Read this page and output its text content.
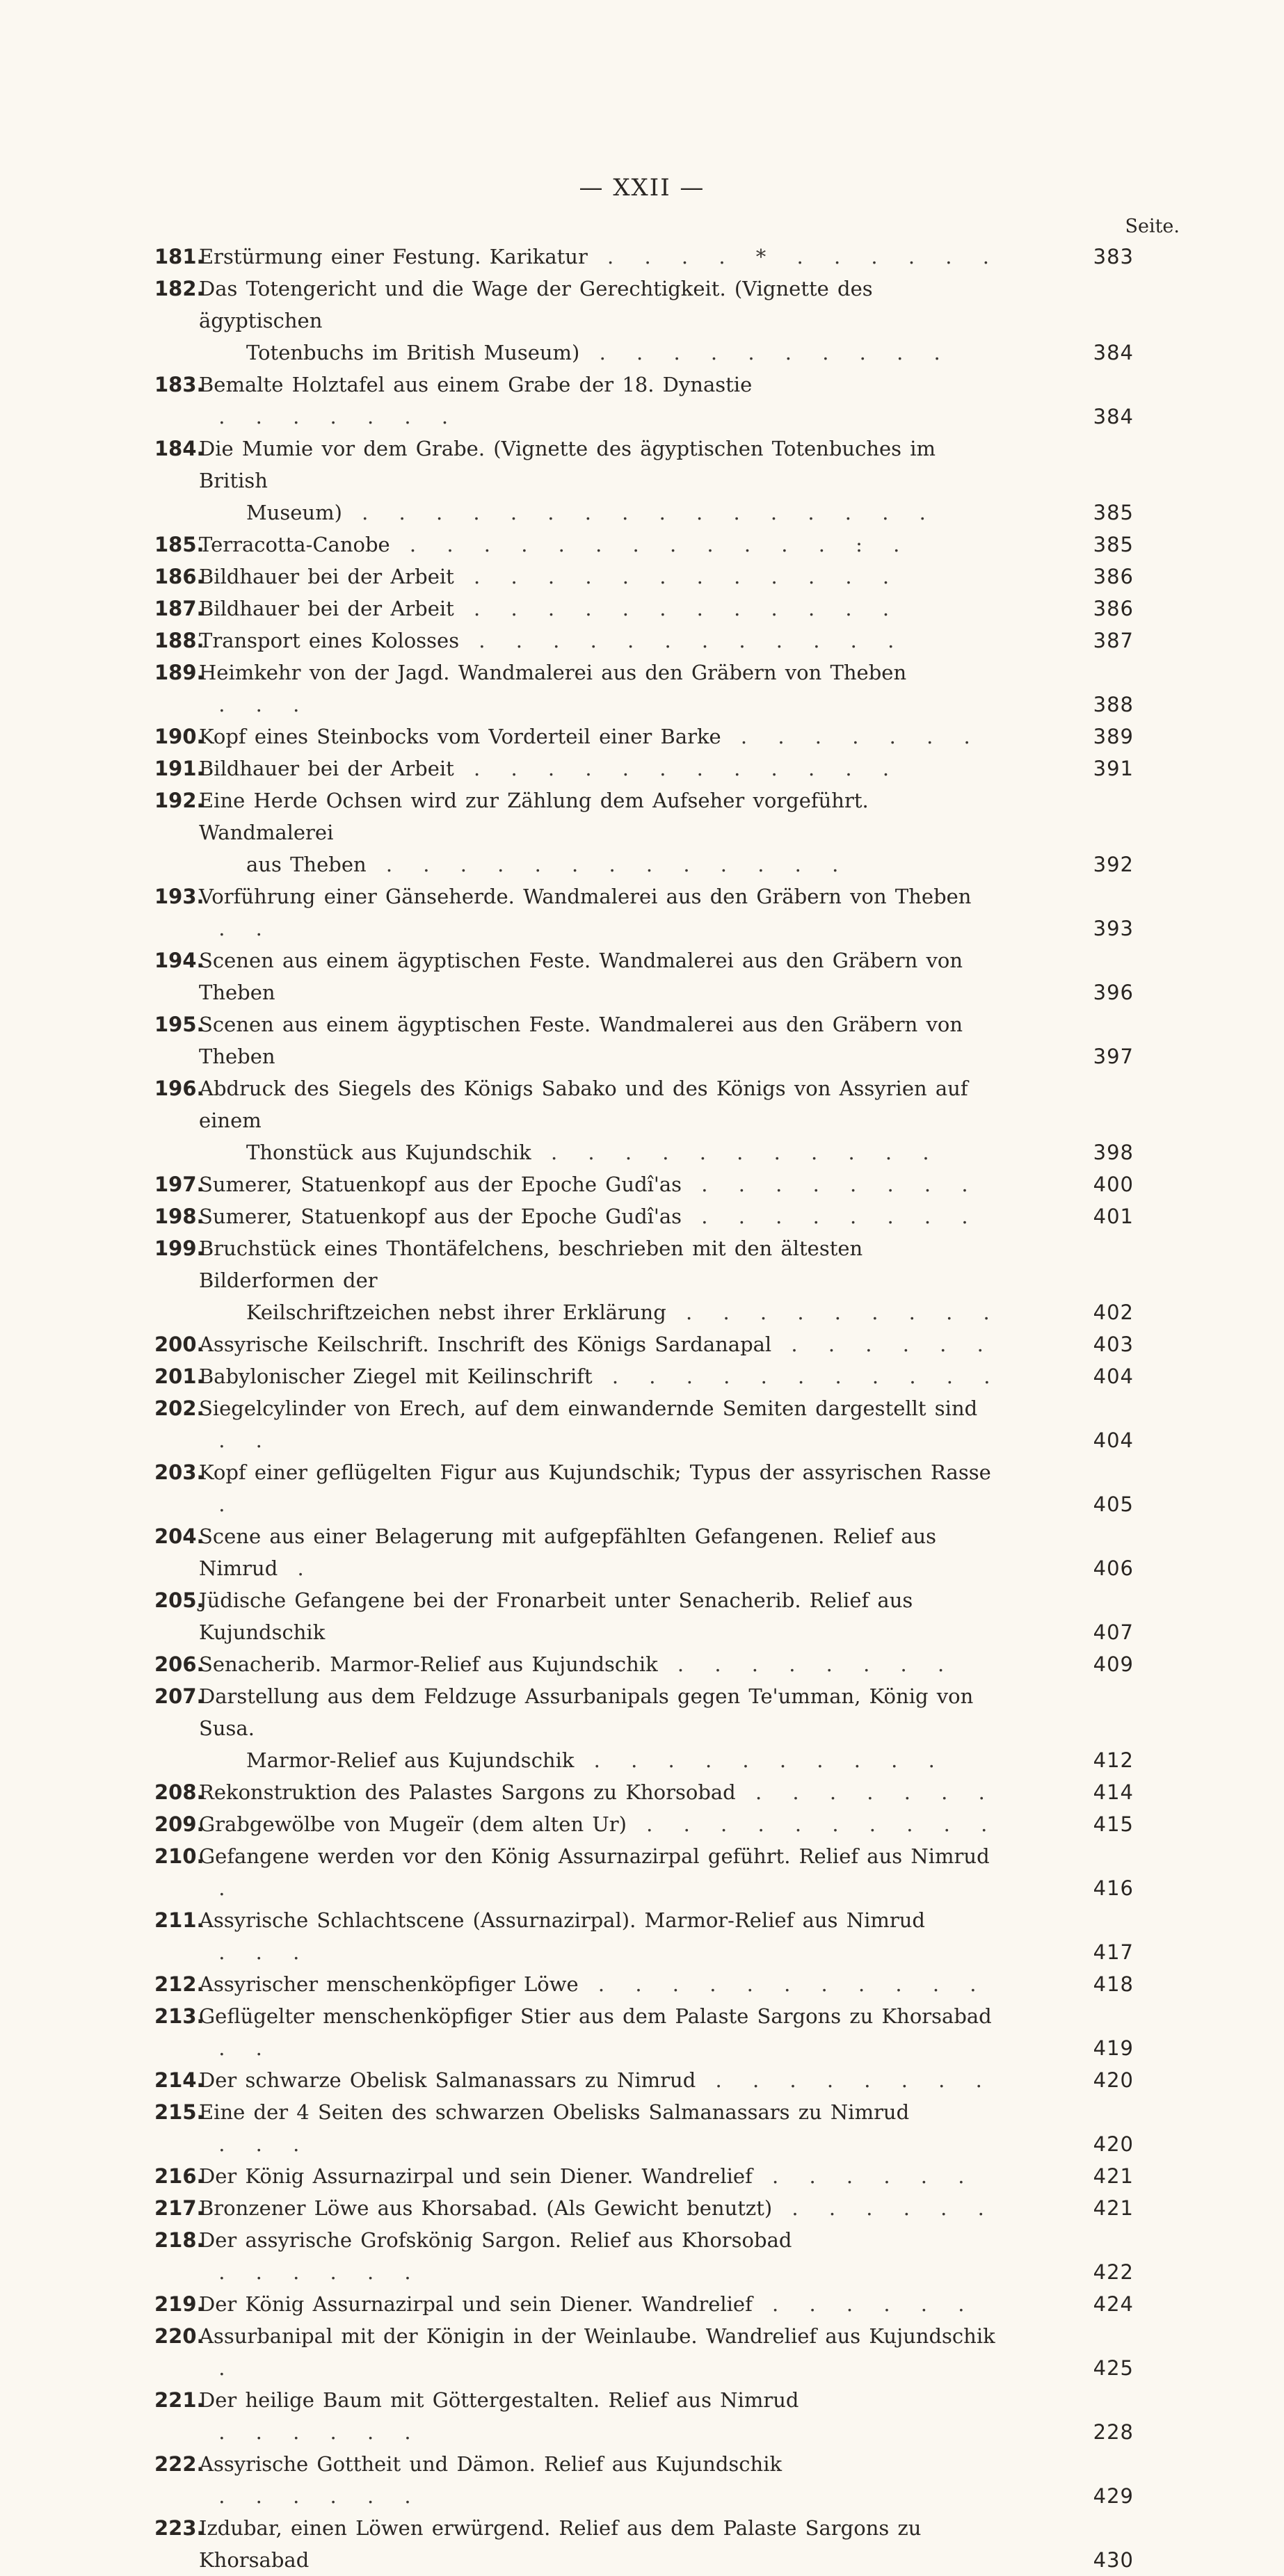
— XXII —
Seite.
181.
Erstürmung einer Festung. Karikatur . . . . * . . . . . .	383
182.
Das Totengericht und die Wage der Gerechtigkeit. (Vignette des ägyptischen
Totenbuchs im British Museum) . . . . . . . . . .	384
183.
Bemalte Holztafel aus einem Grabe der 18. Dynastie . . . . . . .	384
184.
Die Mumie vor dem Grabe. (Vignette des ägyptischen Totenbuches im British
Museum) . . . . . . . . . . . . . . . .	385
185.
Terracotta-Canobe . . . . . . . . . . . . : .	385
186.
Bildhauer bei der Arbeit . . . . . . . . . . . .	386
187.
Bildhauer bei der Arbeit . . . . . . . . . . . .	386
188.
Transport eines Kolosses . . . . . . . . . . . .	387
189.
Heimkehr von der Jagd. Wandmalerei aus den Gräbern von Theben . . .	388
190.
Kopf eines Steinbocks vom Vorderteil einer Barke . . . . . . .	389
191.
Bildhauer bei der Arbeit . . . . . . . . . . . .	391
192.
Eine Herde Ochsen wird zur Zählung dem Aufseher vorgeführt. Wandmalerei
aus Theben . . . . . . . . . . . . .	392
193.
Vorführung einer Gänseherde. Wandmalerei aus den Gräbern von Theben . .	393
194.
Scenen aus einem ägyptischen Feste. Wandmalerei aus den Gräbern von Theben	396
195.
Scenen aus einem ägyptischen Feste. Wandmalerei aus den Gräbern von Theben	397
196.
Abdruck des Siegels des Königs Sabako und des Königs von Assyrien auf einem
Thonstück aus Kujundschik . . . . . . . . . . .	398
197.
Sumerer, Statuenkopf aus der Epoche Gudî'as . . . . . . . .	400
198.
Sumerer, Statuenkopf aus der Epoche Gudî'as . . . . . . . .	401
199.
Bruchstück eines Thontäfelchens, beschrieben mit den ältesten Bilderformen der
Keilschriftzeichen nebst ihrer Erklärung . . . . . . . . .	402
200.
Assyrische Keilschrift. Inschrift des Königs Sardanapal . . . . . .	403
201.
Babylonischer Ziegel mit Keilinschrift . . . . . . . . . . .	404
202.
Siegelcylinder von Erech, auf dem einwandernde Semiten dargestellt sind . .	404
203.
Kopf einer geflügelten Figur aus Kujundschik; Typus der assyrischen Rasse .	405
204.
Scene aus einer Belagerung mit aufgepfählten Gefangenen. Relief aus Nimrud .	406
205.
Jüdische Gefangene bei der Fronarbeit unter Senacherib. Relief aus Kujundschik	407
206.
Senacherib. Marmor-Relief aus Kujundschik . . . . . . . .	409
207.
Darstellung aus dem Feldzuge Assurbanipals gegen Te'umman, König von Susa.
Marmor-Relief aus Kujundschik . . . . . . . . . .	412
208.
Rekonstruktion des Palastes Sargons zu Khorsobad . . . . . . .	414
209.
Grabgewölbe von Mugeïr (dem alten Ur) . . . . . . . . . .	415
210.
Gefangene werden vor den König Assurnazirpal geführt. Relief aus Nimrud .	416
211.
Assyrische Schlachtscene (Assurnazirpal). Marmor-Relief aus Nimrud . . .	417
212.
Assyrischer menschenköpfiger Löwe . . . . . . . . . . .	418
213.
Geflügelter menschenköpfiger Stier aus dem Palaste Sargons zu Khorsabad . .	419
214.
Der schwarze Obelisk Salmanassars zu Nimrud . . . . . . . .	420
215.
Eine der 4 Seiten des schwarzen Obelisks Salmanassars zu Nimrud . . .	420
216.
Der König Assurnazirpal und sein Diener. Wandrelief . . . . . .	421
217.
Bronzener Löwe aus Khorsabad. (Als Gewicht benutzt) . . . . . .	421
218.
Der assyrische Grofskönig Sargon. Relief aus Khorsobad . . . . . .	422
219.
Der König Assurnazirpal und sein Diener. Wandrelief . . . . . .	424
220.
Assurbanipal mit der Königin in der Weinlaube. Wandrelief aus Kujundschik .	425
221.
Der heilige Baum mit Göttergestalten. Relief aus Nimrud . . . . . .	228
222.
Assyrische Gottheit und Dämon. Relief aus Kujundschik . . . . . .	429
223.
Izdubar, einen Löwen erwürgend. Relief aus dem Palaste Sargons zu Khorsabad	430
